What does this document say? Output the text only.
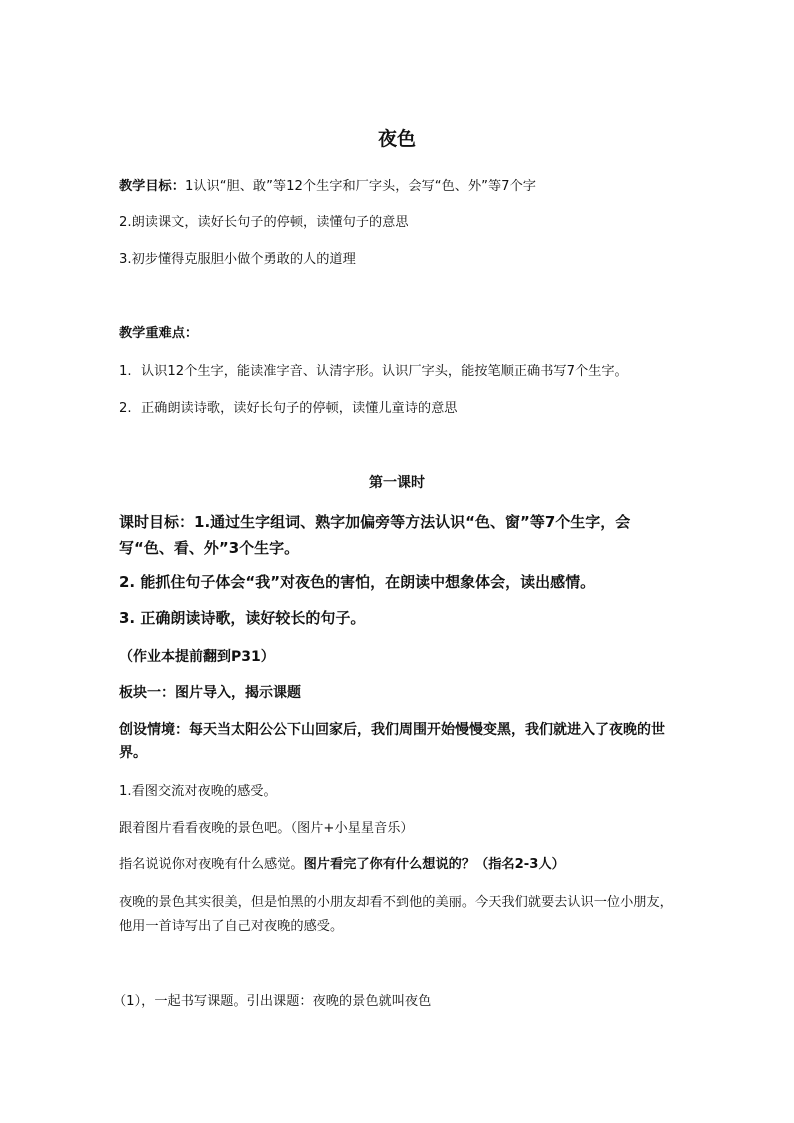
夜色

教学目标：1认识“胆、敢”等12个生字和厂字头，会写“色、外”等7个字

2.朗读课文，读好长句子的停顿，读懂句子的意思

3.初步懂得克服胆小做个勇敢的人的道理

教学重难点：

1. 认识12个生字，能读准字音、认清字形。认识厂字头，能按笔顺正确书写7个生字。

2. 正确朗读诗歌，读好长句子的停顿，读懂儿童诗的意思

第一课时

课时目标：1.通过生字组词、熟字加偏旁等方法认识“色、窗”等7个生字，会写“色、看、外”3个生字。

2. 能抓住句子体会“我”对夜色的害怕，在朗读中想象体会，读出感情。

3. 正确朗读诗歌，读好较长的句子。

（作业本提前翻到P31）

板块一：图片导入，揭示课题

创设情境：每天当太阳公公下山回家后，我们周围开始慢慢变黑，我们就进入了夜晚的世界。

1.看图交流对夜晚的感受。

跟着图片看看夜晚的景色吧。（图片+小星星音乐）

指名说说你对夜晚有什么感觉。图片看完了你有什么想说的？（指名2-3人）

夜晚的景色其实很美，但是怕黑的小朋友却看不到他的美丽。今天我们就要去认识一位小朋友，他用一首诗写出了自己对夜晚的感受。

（1），一起书写课题。引出课题：夜晚的景色就叫夜色
